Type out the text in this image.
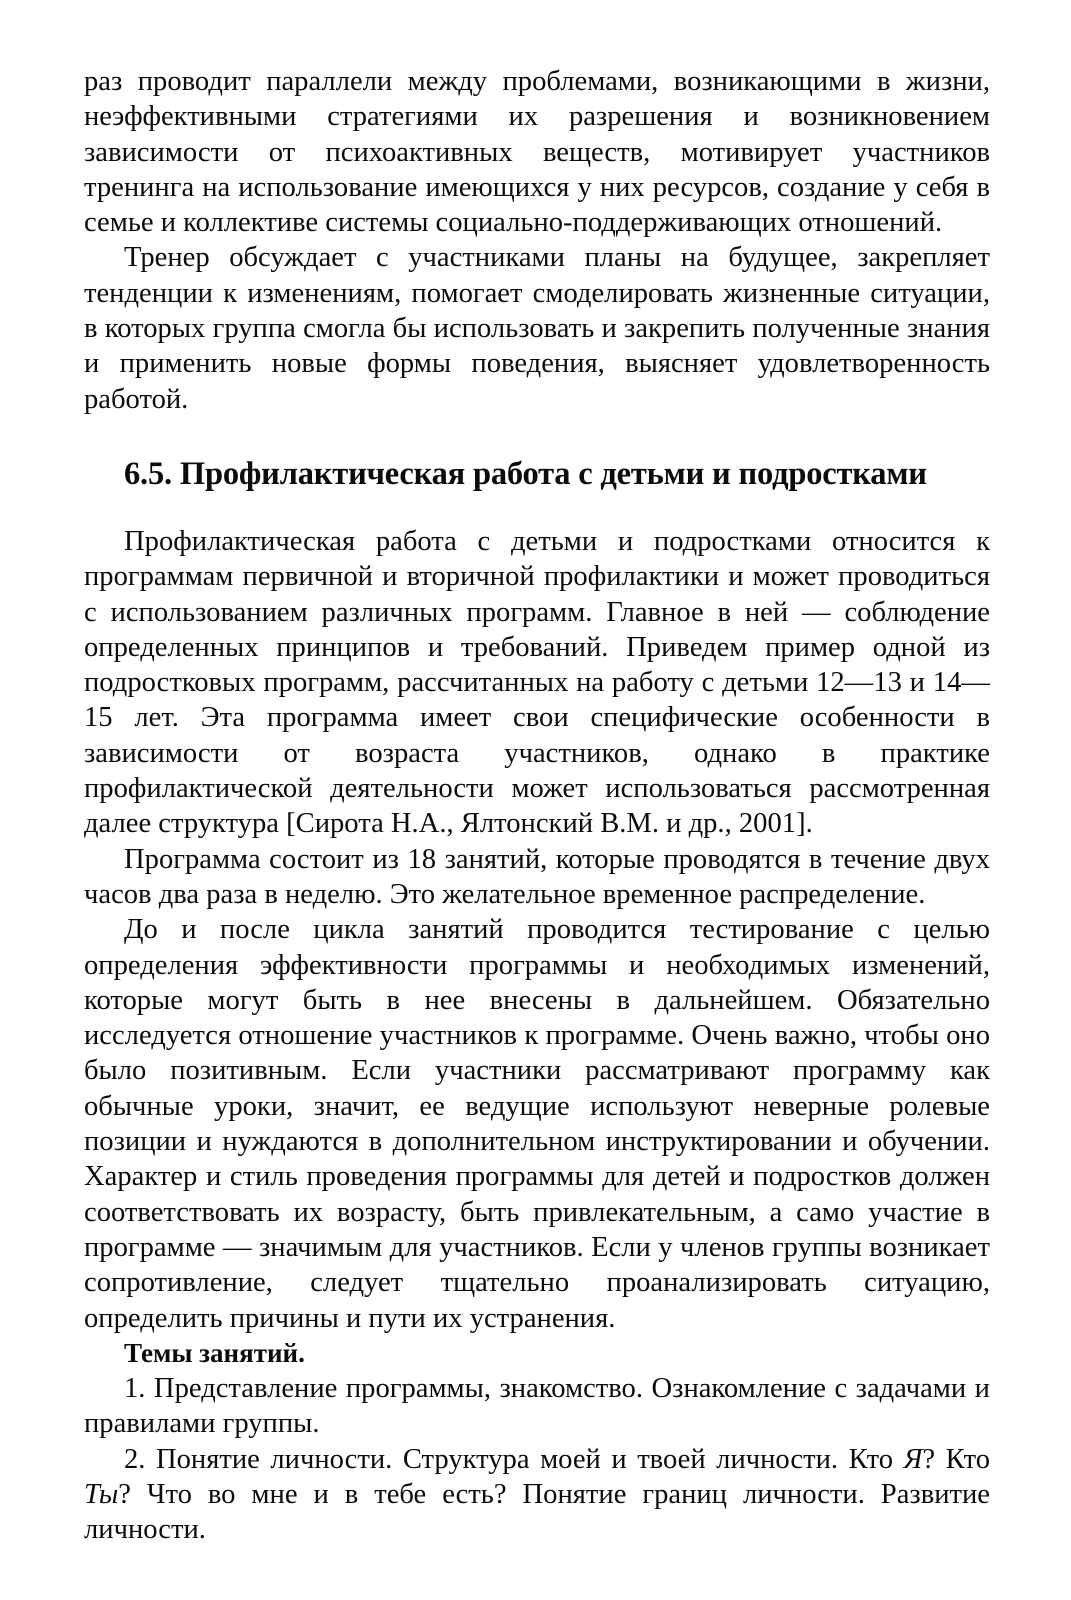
раз проводит параллели между проблемами, возникающими в жизни, неэффективными стратегиями их разрешения и возникновением зависимости от психоактивных веществ, мотивирует участников тренинга на использование имеющихся у них ресурсов, создание у себя в семье и коллективе системы социально-поддерживающих отношений.

Тренер обсуждает с участниками планы на будущее, закрепляет тенденции к изменениям, помогает смоделировать жизненные ситуации, в которых группа смогла бы использовать и закрепить полученные знания и применить новые формы поведения, выясняет удовлетворенность работой.

6.5. Профилактическая работа с детьми и подростками

Профилактическая работа с детьми и подростками относится к программам первичной и вторичной профилактики и может проводиться с использованием различных программ. Главное в ней — соблюдение определенных принципов и требований. Приведем пример одной из подростковых программ, рассчитанных на работу с детьми 12—13 и 14—15 лет. Эта программа имеет свои специфические особенности в зависимости от возраста участников, однако в практике профилактической деятельности может использоваться рассмотренная далее структура [Сирота Н.А., Ялтонский В.М. и др., 2001].

Программа состоит из 18 занятий, которые проводятся в течение двух часов два раза в неделю. Это желательное временное распределение.

До и после цикла занятий проводится тестирование с целью определения эффективности программы и необходимых изменений, которые могут быть в нее внесены в дальнейшем. Обязательно исследуется отношение участников к программе. Очень важно, чтобы оно было позитивным. Если участники рассматривают программу как обычные уроки, значит, ее ведущие используют неверные ролевые позиции и нуждаются в дополнительном инструктировании и обучении. Характер и стиль проведения программы для детей и подростков должен соответствовать их возрасту, быть привлекательным, а само участие в программе — значимым для участников. Если у членов группы возникает сопротивление, следует тщательно проанализировать ситуацию, определить причины и пути их устранения.

Темы занятий.

1. Представление программы, знакомство. Ознакомление с задачами и правилами группы.

2. Понятие личности. Структура моей и твоей личности. Кто Я? Кто Ты? Что во мне и в тебе есть? Понятие границ личности. Развитие личности.
